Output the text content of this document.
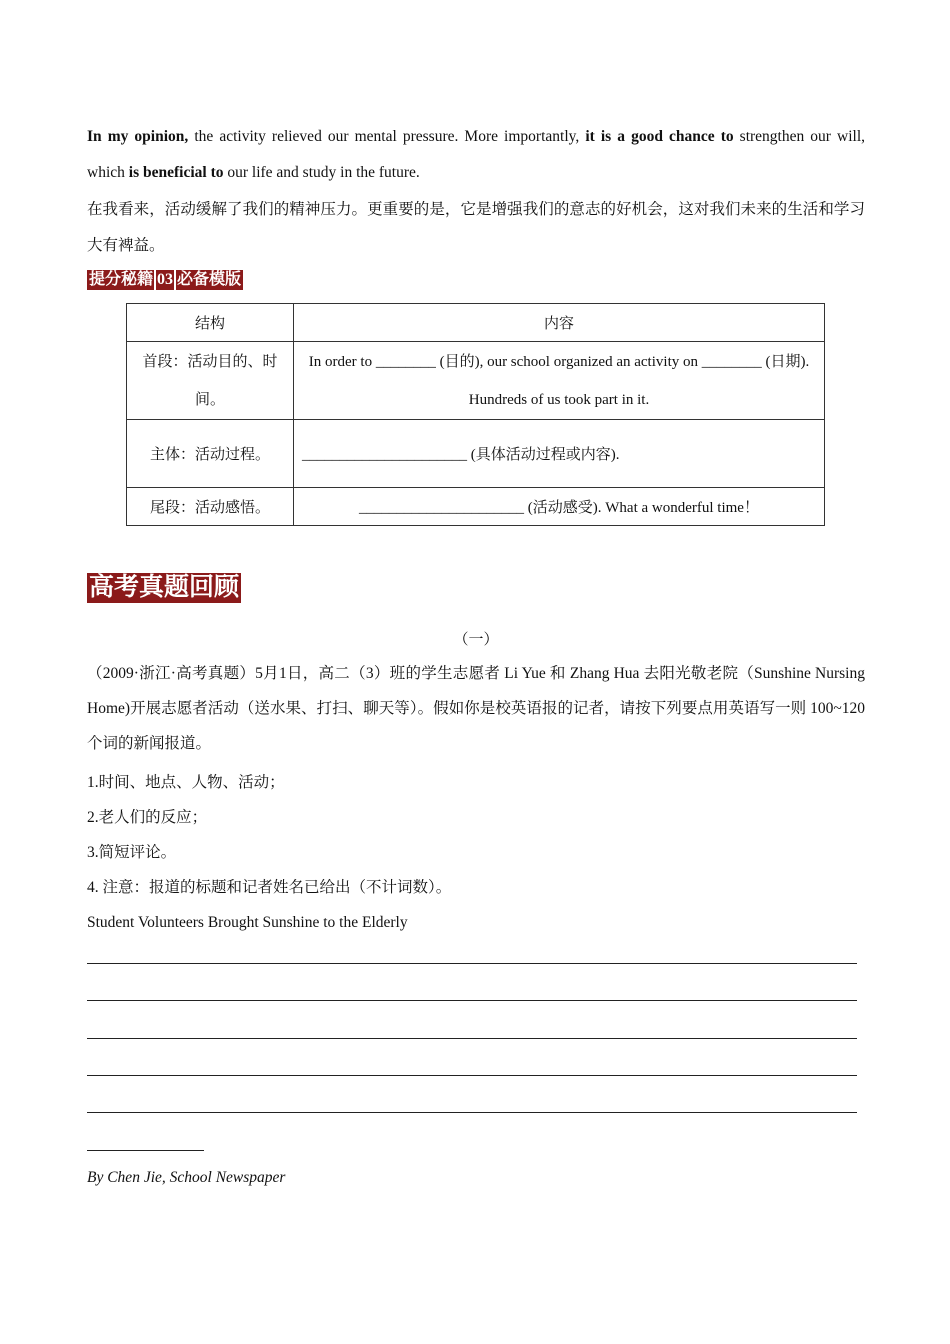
In my opinion, the activity relieved our mental pressure. More importantly, it is a good chance to strengthen our will, which is beneficial to our life and study in the future.
在我看来，活动缓解了我们的精神压力。更重要的是，它是增强我们的意志的好机会，这对我们未来的生活和学习大有裨益。
提分秘籍 03 必备模版
结构	内容
首段：活动目的、时间。	In order to ________ (目的), our school organized an activity on ________ (日期). Hundreds of us took part in it.
主体：活动过程。	______________________ (具体活动过程或内容).
尾段：活动感悟。	______________________ (活动感受). What a wonderful time！
高考真题回顾
（一）
（2009·浙江·高考真题）5月1日，高二（3）班的学生志愿者 Li Yue 和 Zhang Hua 去阳光敬老院（Sunshine Nursing Home)开展志愿者活动（送水果、打扫、聊天等）。假如你是校英语报的记者，请按下列要点用英语写一则 100~120 个词的新闻报道。
1.时间、地点、人物、活动；
2.老人们的反应；
3.简短评论。
4. 注意：报道的标题和记者姓名已给出（不计词数）。
Student Volunteers Brought Sunshine to the Elderly
By Chen Jie, School Newspaper
